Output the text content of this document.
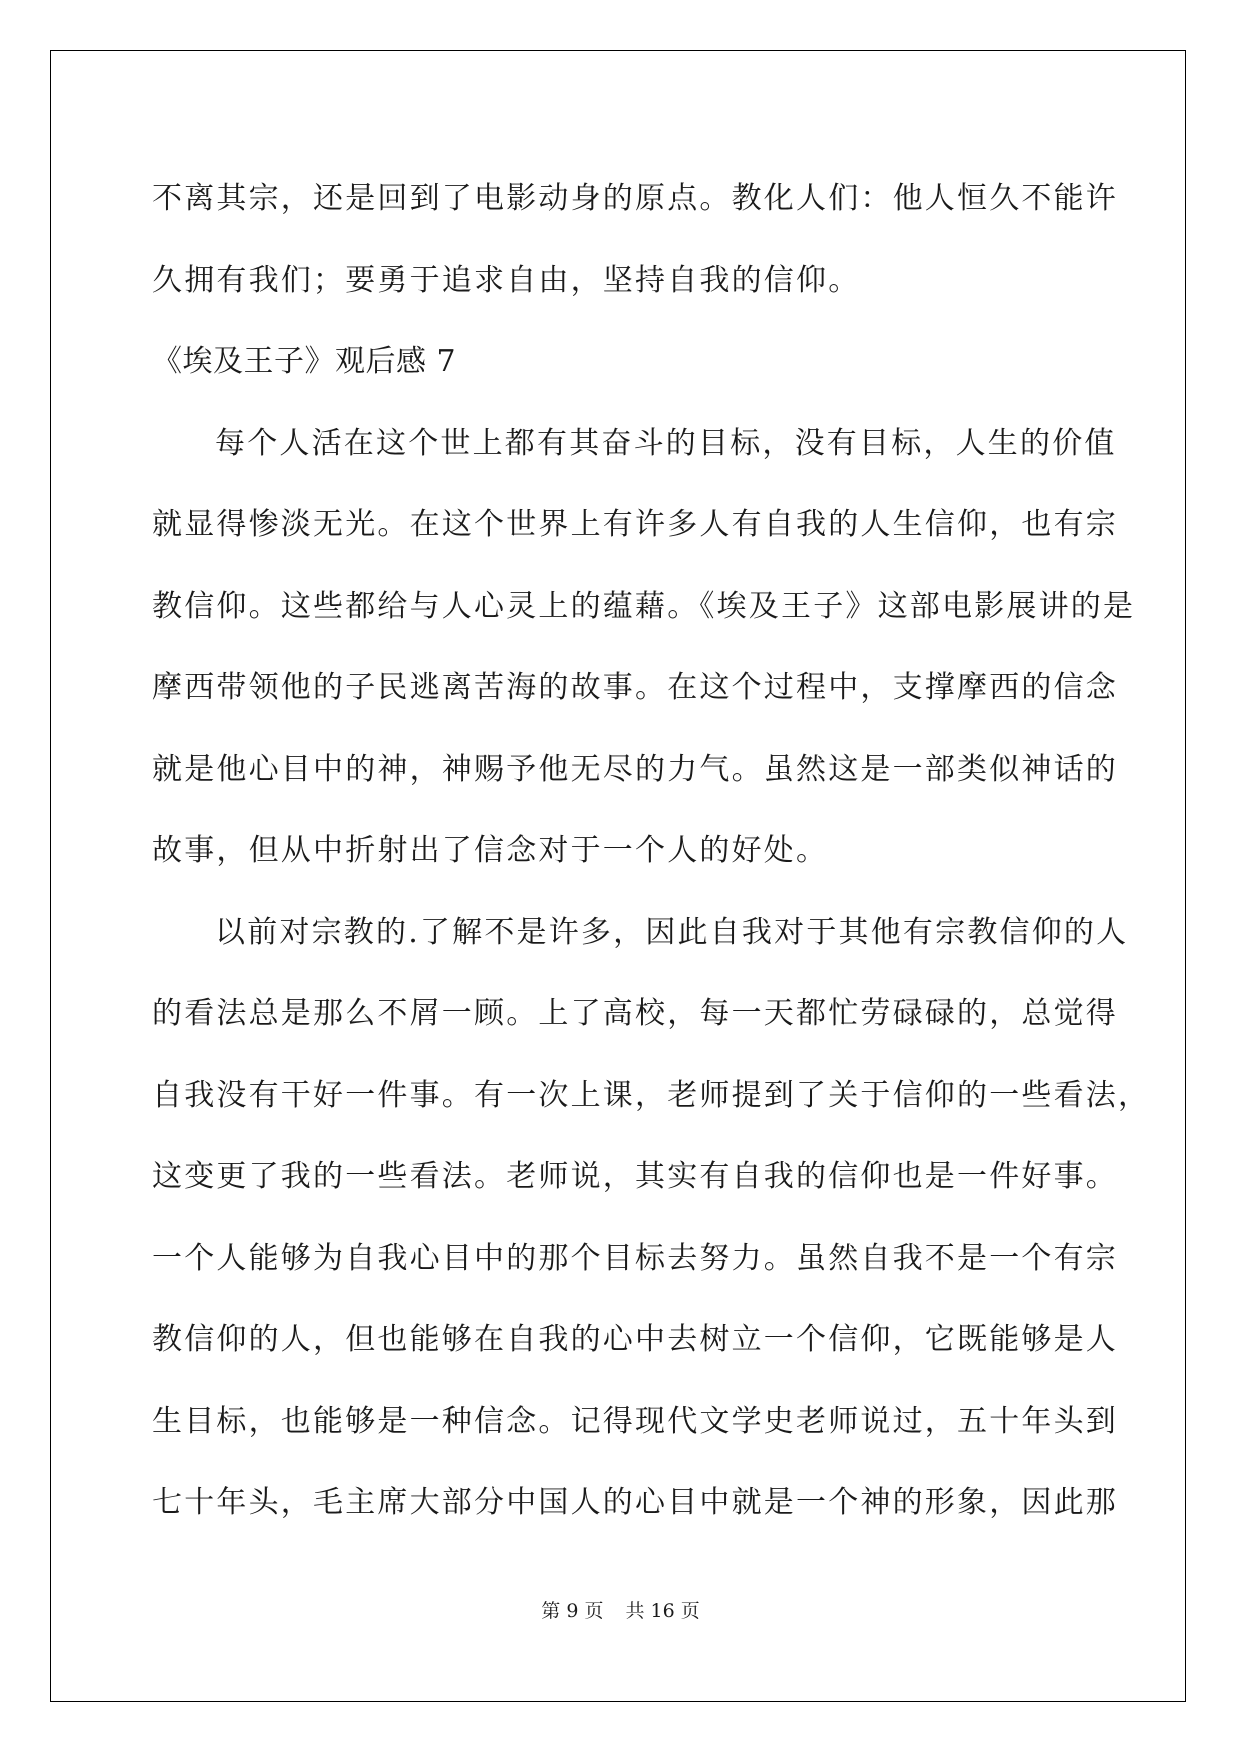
不离其宗，还是回到了电影动身的原点。教化人们：他人恒久不能许
久拥有我们；要勇于追求自由，坚持自我的信仰。
《埃及王子》观后感 7
每个人活在这个世上都有其奋斗的目标，没有目标，人生的价值
就显得惨淡无光。在这个世界上有许多人有自我的人生信仰，也有宗
教信仰。这些都给与人心灵上的蕴藉。《埃及王子》这部电影展讲的是
摩西带领他的子民逃离苦海的故事。在这个过程中，支撑摩西的信念
就是他心目中的神，神赐予他无尽的力气。虽然这是一部类似神话的
故事，但从中折射出了信念对于一个人的好处。
以前对宗教的.了解不是许多，因此自我对于其他有宗教信仰的人
的看法总是那么不屑一顾。上了高校，每一天都忙劳碌碌的，总觉得
自我没有干好一件事。有一次上课，老师提到了关于信仰的一些看法，
这变更了我的一些看法。老师说，其实有自我的信仰也是一件好事。
一个人能够为自我心目中的那个目标去努力。虽然自我不是一个有宗
教信仰的人，但也能够在自我的心中去树立一个信仰，它既能够是人
生目标，也能够是一种信念。记得现代文学史老师说过，五十年头到
七十年头，毛主席大部分中国人的心目中就是一个神的形象，因此那
第 9 页 共 16 页
